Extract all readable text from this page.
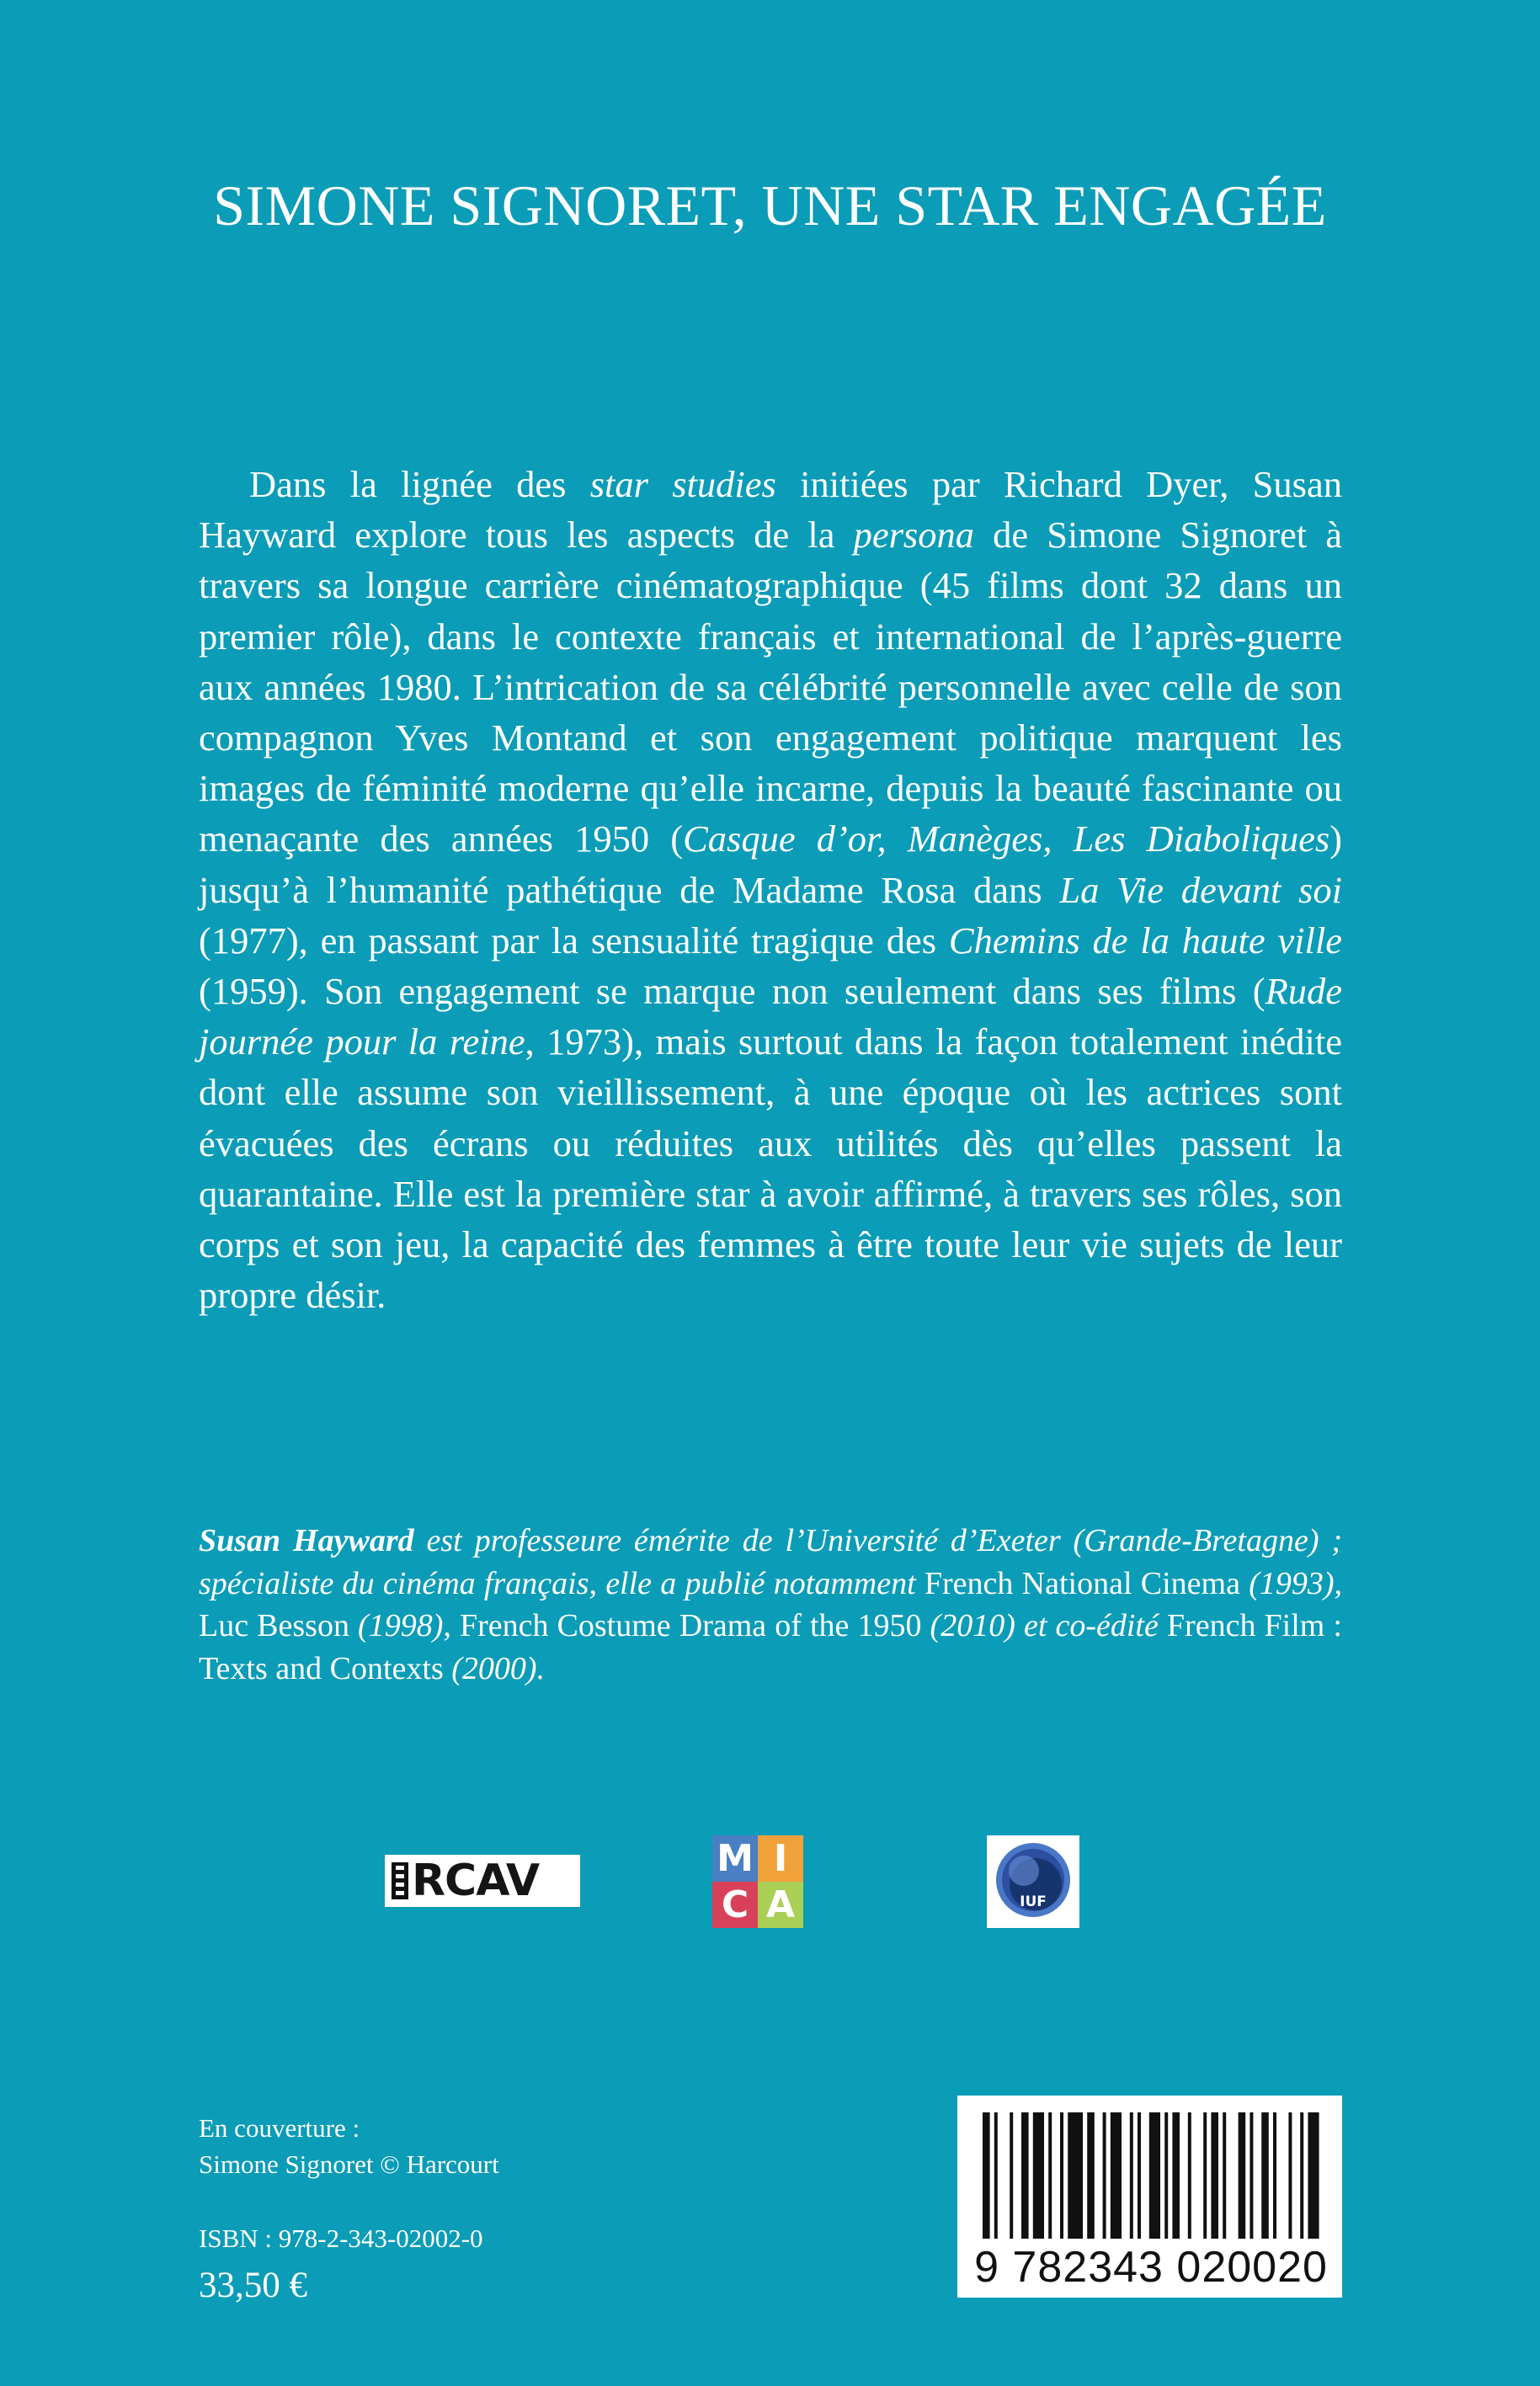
SIMONE SIGNORET, UNE STAR ENGAGÉE

Dans la lignée des star studies initiées par Richard Dyer, Susan Hayward explore tous les aspects de la persona de Simone Signoret à travers sa longue carrière cinématographique (45 films dont 32 dans un premier rôle), dans le contexte français et international de l’après-guerre aux années 1980. L’intrication de sa célébrité personnelle avec celle de son compagnon Yves Montand et son engagement politique marquent les images de féminité moderne qu’elle incarne, depuis la beauté fascinante ou menaçante des années 1950 (Casque d’or, Manèges, Les Diaboliques) jusqu’à l’humanité pathétique de Madame Rosa dans La Vie devant soi (1977), en passant par la sensualité tragique des Chemins de la haute ville (1959). Son engagement se marque non seulement dans ses films (Rude journée pour la reine, 1973), mais surtout dans la façon totalement inédite dont elle assume son vieillissement, à une époque où les actrices sont évacuées des écrans ou réduites aux utilités dès qu’elles passent la quarantaine. Elle est la première star à avoir affirmé, à travers ses rôles, son corps et son jeu, la capacité des femmes à être toute leur vie sujets de leur propre désir.

Susan Hayward est professeure émérite de l’Université d’Exeter (Grande-Bretagne) ; spécialiste du cinéma français, elle a publié notamment French National Cinema (1993), Luc Besson (1998), French Costume Drama of the 1950 (2010) et co-édité French Film : Texts and Contexts (2000).

RCAV	M I
C A	IUF

En couverture :

Simone Signoret © Harcourt

ISBN : 978-2-343-02002-0

33,50 €	9 782343 020020
